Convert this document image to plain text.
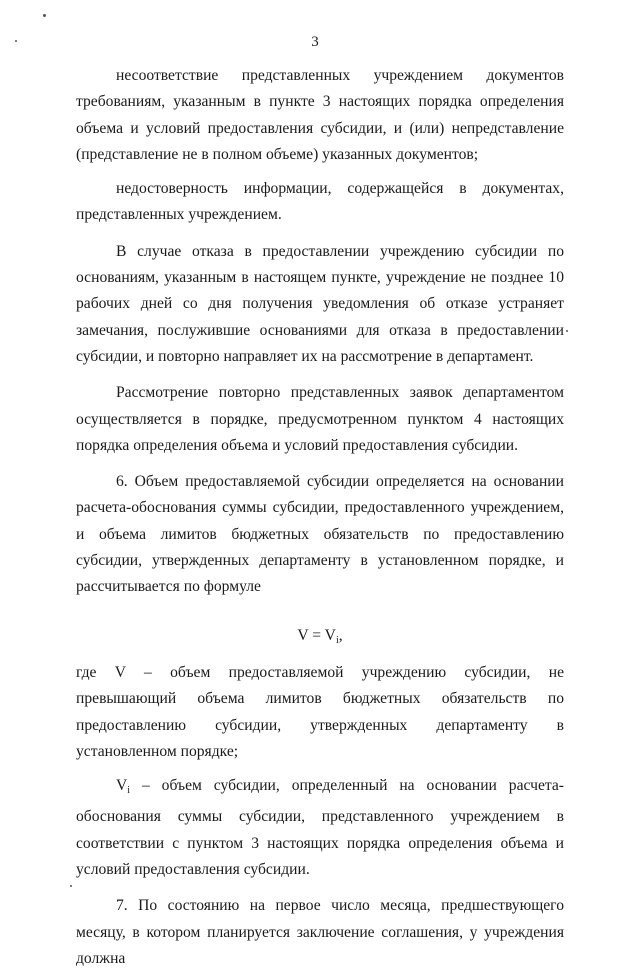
3

несоответствие представленных учреждением документов

требованиям, указанным в пункте 3 настоящих порядка определения объема и условий предоставления субсидии, и (или) непредставление (представление не в полном объеме) указанных документов;

недостоверность информации, содержащейся в документах,

представленных учреждением.

В случае отказа в предоставлении учреждению субсидии по основаниям, указанным в настоящем пункте, учреждение не позднее 10 рабочих дней со дня получения уведомления об отказе устраняет замечания, послужившие основаниями для отказа в предоставлении субсидии, и повторно направляет их на рассмотрение в департамент.

Рассмотрение повторно представленных заявок департаментом осуществляется в порядке, предусмотренном пунктом 4 настоящих порядка определения объема и условий предоставления субсидии.

6. Объем предоставляемой субсидии определяется на основании расчета-обоснования суммы субсидии, предоставленного учреждением, и объема лимитов бюджетных обязательств по предоставлению субсидии, утвержденных департаменту в установленном порядке, и рассчитывается по формуле

V = Vi,

где V – объем предоставляемой учреждению субсидии, не превышающий объема лимитов бюджетных обязательств по предоставлению субсидии, утвержденных департаменту в установленном порядке;

Vi – объем субсидии, определенный на основании расчета-обоснования суммы субсидии, представленного учреждением в соответствии с пунктом 3 настоящих порядка определения объема и условий предоставления субсидии.

7. По состоянию на первое число месяца, предшествующего месяцу, в котором планируется заключение соглашения, у учреждения должна
